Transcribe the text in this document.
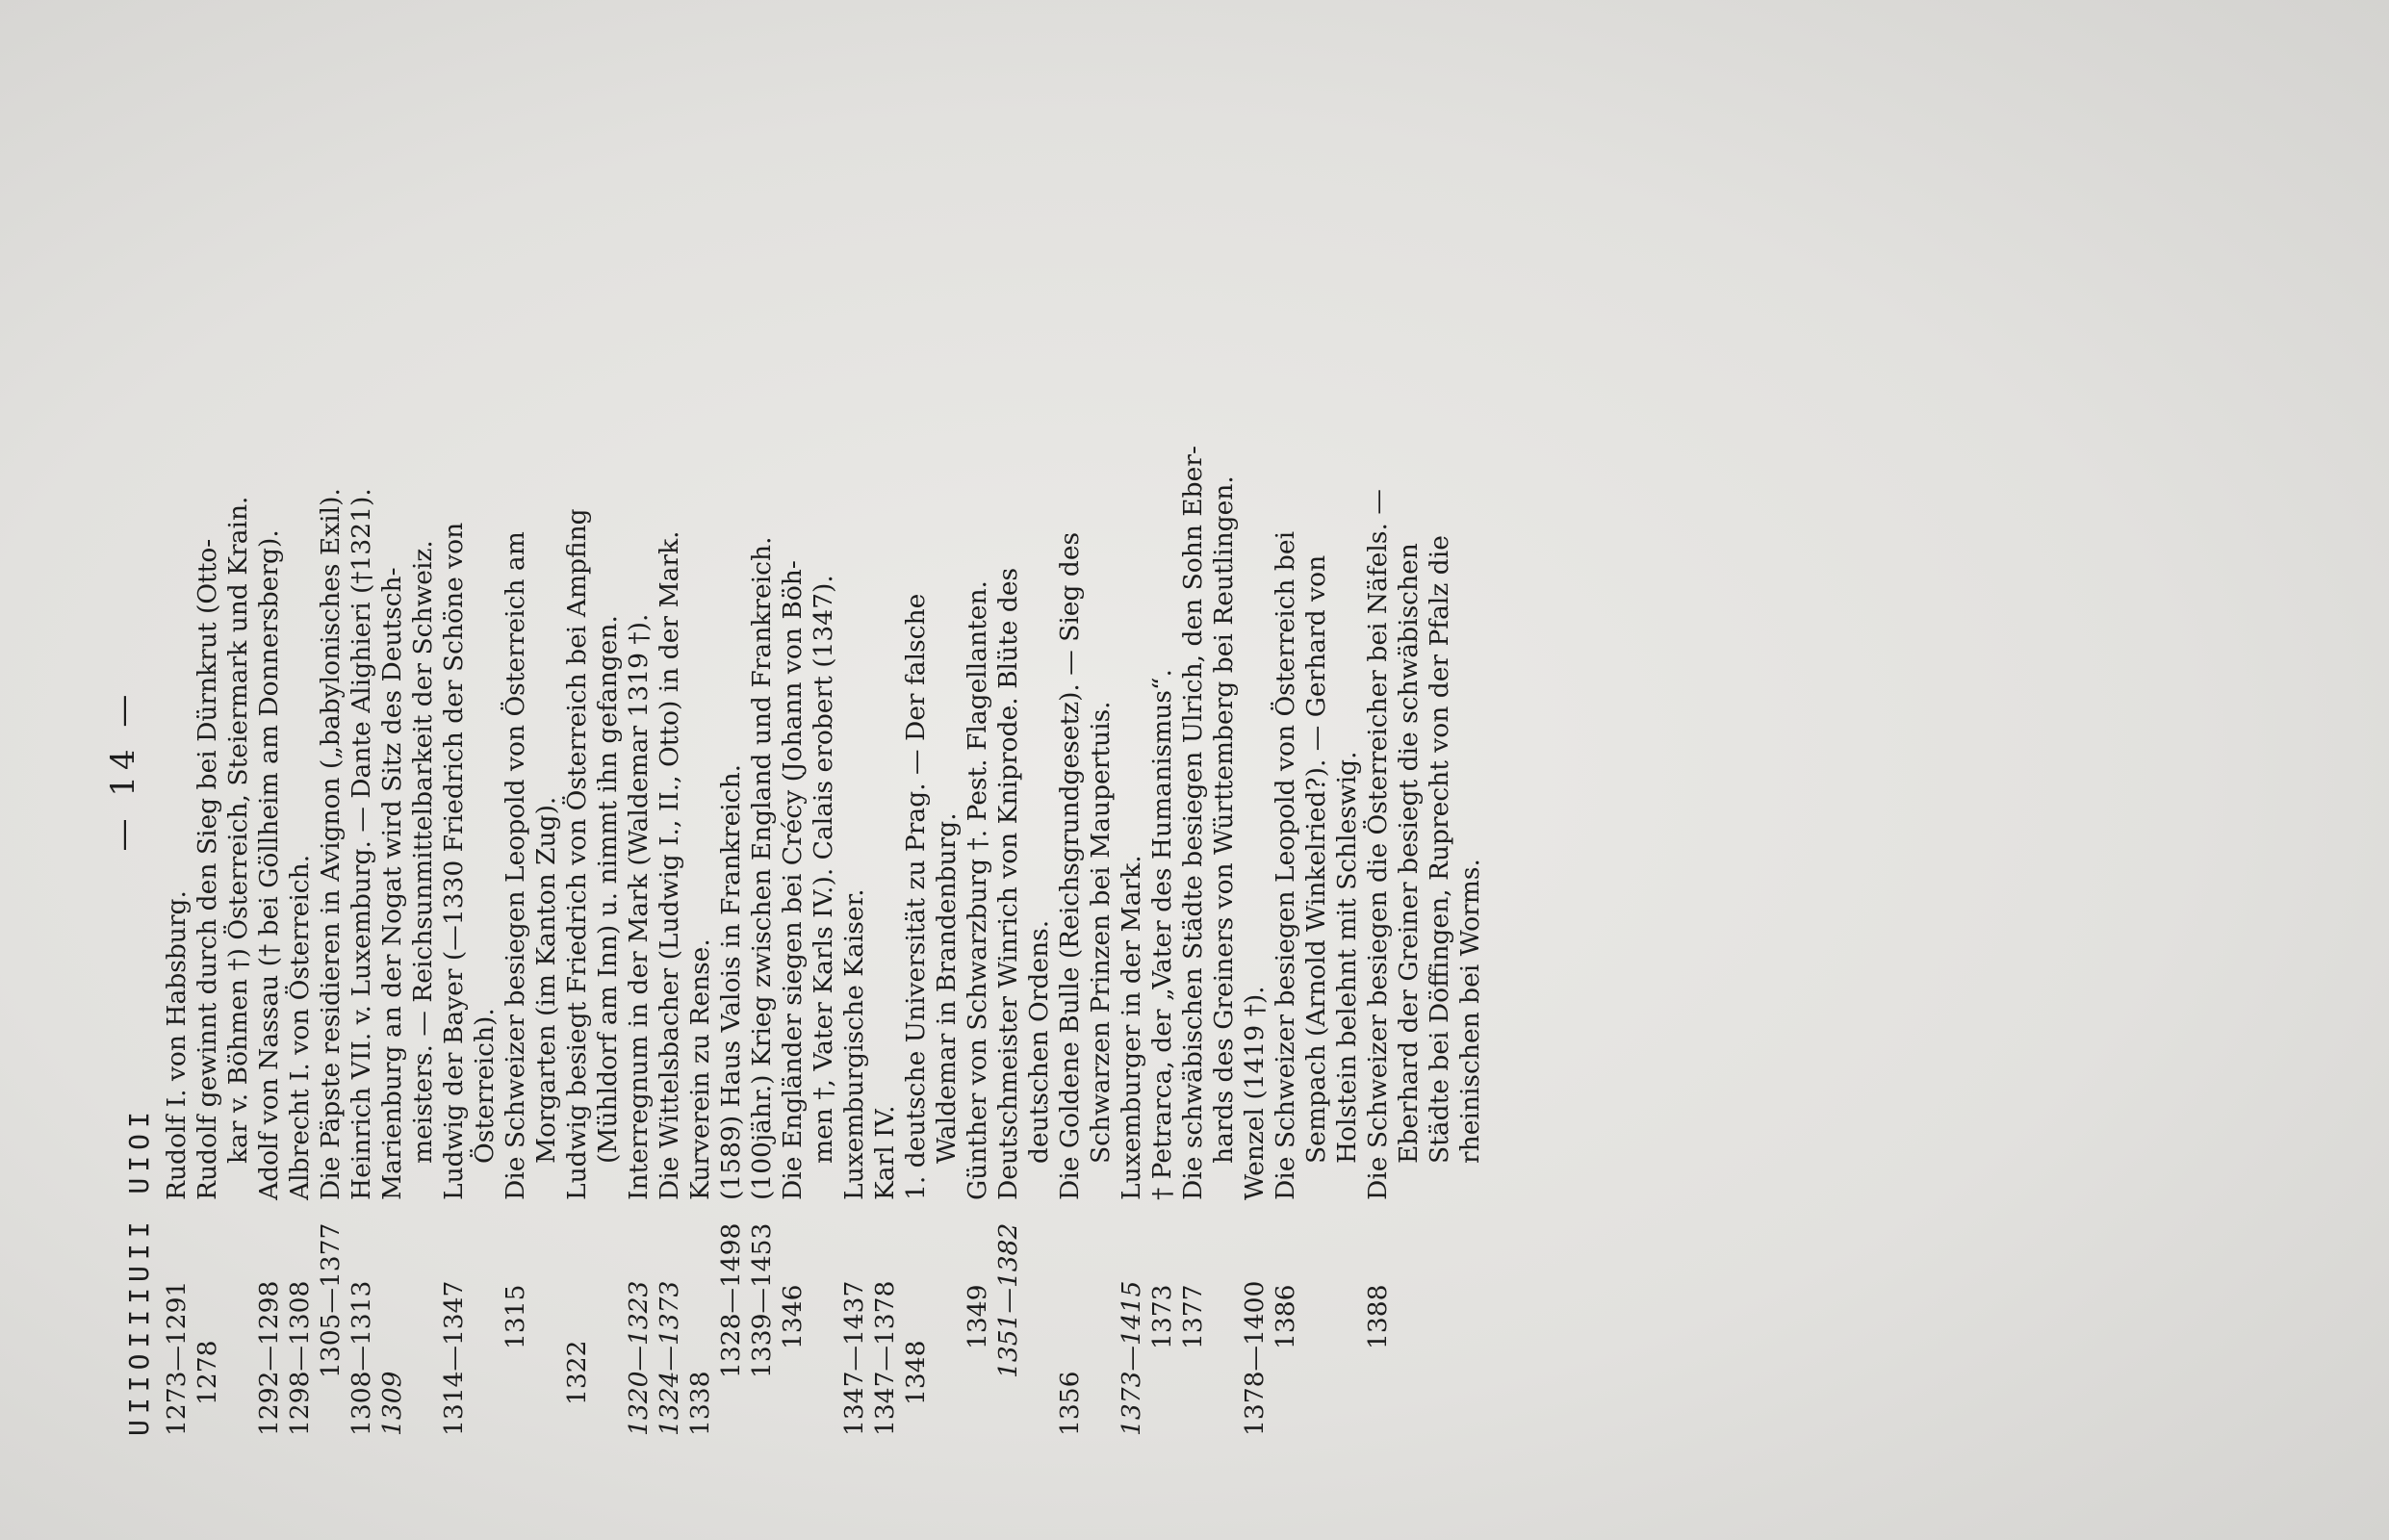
UIIOIIIUII UIOI
— 14 —
1273—1291
Rudolf I. von Habsburg.
1278
Rudolf gewinnt durch den Sieg bei Dürnkrut (Otto- kar v. Böhmen †) Österreich, Steiermark und Krain.
1292—1298
Adolf von Nassau († bei Göllheim am Donnersberg).
1298—1308
Albrecht I. von Österreich.
1305—1377
Die Päpste residieren in Avignon („babylonisches Exil).
1308—1313
Heinrich VII. v. Luxemburg. — Dante Alighieri (†1321).
1309
Marienburg an der Nogat wird Sitz des Deutsch- meisters. — Reichsunmittelbarkeit der Schweiz.
1314—1347
Ludwig der Bayer (—1330 Friedrich der Schöne von Österreich).
1315
Die Schweizer besiegen Leopold von Österreich am Morgarten (im Kanton Zug).
1322
Ludwig besiegt Friedrich von Österreich bei Ampfing (Mühldorf am Inn) u. nimmt ihn gefangen.
1320—1323
Interregnum in der Mark (Waldemar 1319 †).
1324—1373
Die Wittelsbacher (Ludwig I., II., Otto) in der Mark.
1338
Kurverein zu Rense.
1328—1498
(1589) Haus Valois in Frankreich.
1339—1453
(100jähr.) Krieg zwischen England und Frankreich.
1346
Die Engländer siegen bei Crécy (Johann von Böh- men †, Vater Karls IV.). Calais erobert (1347).
1347—1437
Luxemburgische Kaiser.
1347—1378
Karl IV.
1348
1. deutsche Universität zu Prag. — Der falsche Waldemar in Brandenburg.
1349
Günther von Schwarzburg †. Pest. Flagellanten.
1351—1382
Deutschmeister Winrich von Kniprode. Blüte des deutschen Ordens.
1356
Die Goldene Bulle (Reichsgrundgesetz). — Sieg des Schwarzen Prinzen bei Maupertuis.
1373—1415
Luxemburger in der Mark.
1373
† Petrarca, der „Vater des Humanismus“.
1377
Die schwäbischen Städte besiegen Ulrich, den Sohn Eber- hards des Greiners von Württemberg bei Reutlingen.
1378—1400
Wenzel (1419 †).
1386
Die Schweizer besiegen Leopold von Österreich bei Sempach (Arnold Winkelried?). — Gerhard von Holstein belehnt mit Schleswig.
1388
Die Schweizer besiegen die Österreicher bei Näfels. — Eberhard der Greiner besiegt die schwäbischen Städte bei Döffingen, Ruprecht von der Pfalz die rheinischen bei Worms.
